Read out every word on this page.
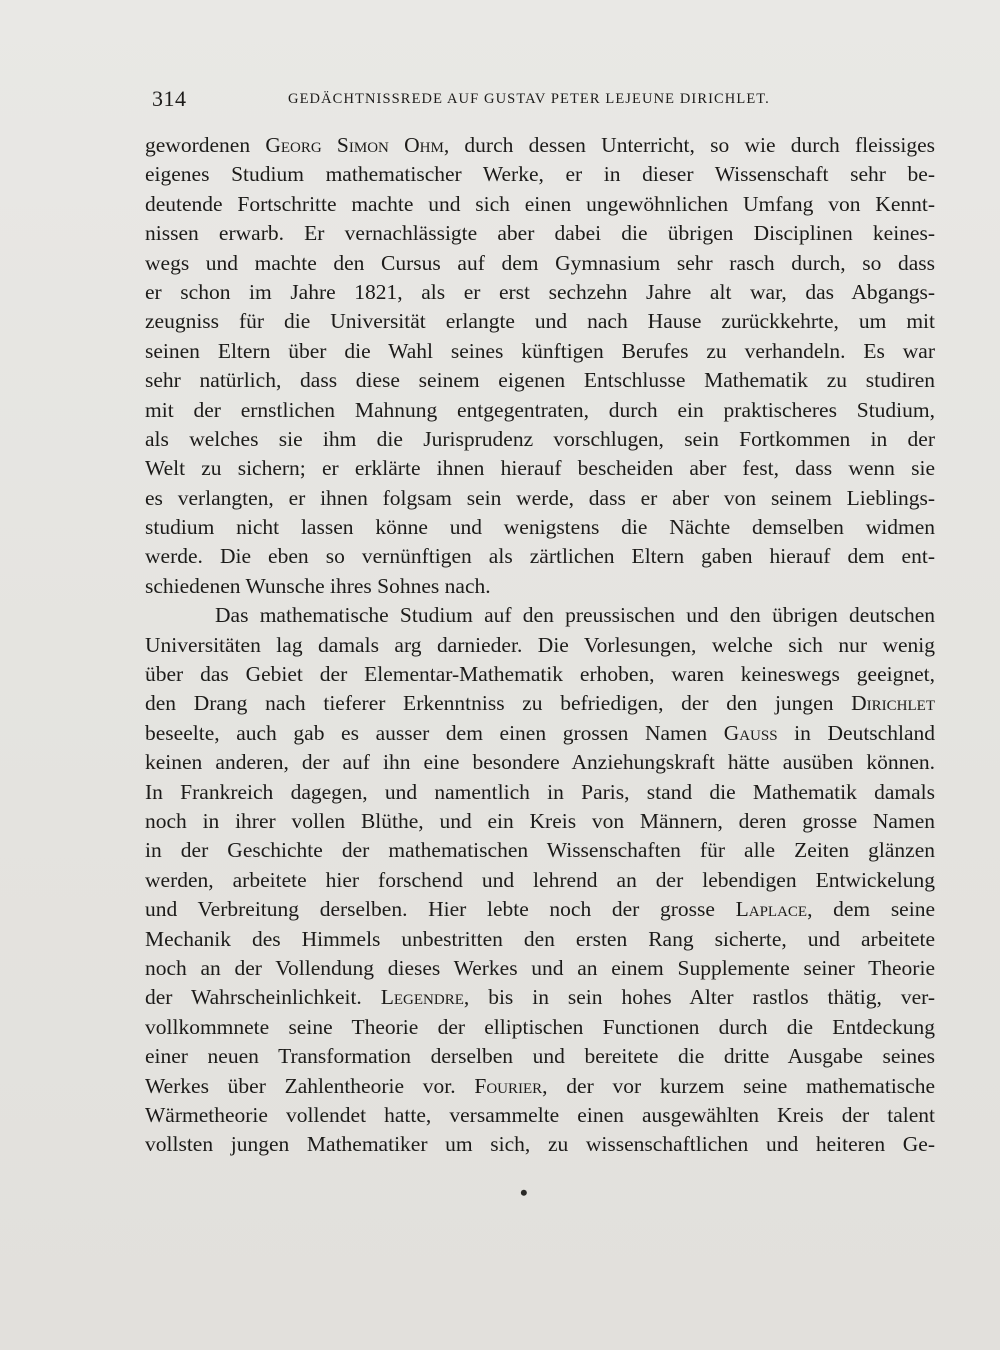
314	GEDÄCHTNISSREDE AUF GUSTAV PETER LEJEUNE DIRICHLET.
gewordenen Georg Simon Ohm, durch dessen Unterricht, so wie durch fleissiges
eigenes Studium mathematischer Werke, er in dieser Wissenschaft sehr be-
deutende Fortschritte machte und sich einen ungewöhnlichen Umfang von Kennt-
nissen erwarb. Er vernachlässigte aber dabei die übrigen Disciplinen keines-
wegs und machte den Cursus auf dem Gymnasium sehr rasch durch, so dass
er schon im Jahre 1821, als er erst sechzehn Jahre alt war, das Abgangs-
zeugniss für die Universität erlangte und nach Hause zurückkehrte, um mit
seinen Eltern über die Wahl seines künftigen Berufes zu verhandeln. Es war
sehr natürlich, dass diese seinem eigenen Entschlusse Mathematik zu studiren
mit der ernstlichen Mahnung entgegentraten, durch ein praktischeres Studium,
als welches sie ihm die Jurisprudenz vorschlugen, sein Fortkommen in der
Welt zu sichern; er erklärte ihnen hierauf bescheiden aber fest, dass wenn sie
es verlangten, er ihnen folgsam sein werde, dass er aber von seinem Lieblings-
studium nicht lassen könne und wenigstens die Nächte demselben widmen
werde. Die eben so vernünftigen als zärtlichen Eltern gaben hierauf dem ent-
schiedenen Wunsche ihres Sohnes nach.
Das mathematische Studium auf den preussischen und den übrigen deutschen
Universitäten lag damals arg darnieder. Die Vorlesungen, welche sich nur wenig
über das Gebiet der Elementar-Mathematik erhoben, waren keineswegs geeignet,
den Drang nach tieferer Erkenntniss zu befriedigen, der den jungen Dirichlet
beseelte, auch gab es ausser dem einen grossen Namen Gauss in Deutschland
keinen anderen, der auf ihn eine besondere Anziehungskraft hätte ausüben können.
In Frankreich dagegen, und namentlich in Paris, stand die Mathematik damals
noch in ihrer vollen Blüthe, und ein Kreis von Männern, deren grosse Namen
in der Geschichte der mathematischen Wissenschaften für alle Zeiten glänzen
werden, arbeitete hier forschend und lehrend an der lebendigen Entwickelung
und Verbreitung derselben. Hier lebte noch der grosse Laplace, dem seine
Mechanik des Himmels unbestritten den ersten Rang sicherte, und arbeitete
noch an der Vollendung dieses Werkes und an einem Supplemente seiner Theorie
der Wahrscheinlichkeit. Legendre, bis in sein hohes Alter rastlos thätig, ver-
vollkommnete seine Theorie der elliptischen Functionen durch die Entdeckung
einer neuen Transformation derselben und bereitete die dritte Ausgabe seines
Werkes über Zahlentheorie vor. Fourier, der vor kurzem seine mathematische
Wärmetheorie vollendet hatte, versammelte einen ausgewählten Kreis der talent
vollsten jungen Mathematiker um sich, zu wissenschaftlichen und heiteren Ge-
•
